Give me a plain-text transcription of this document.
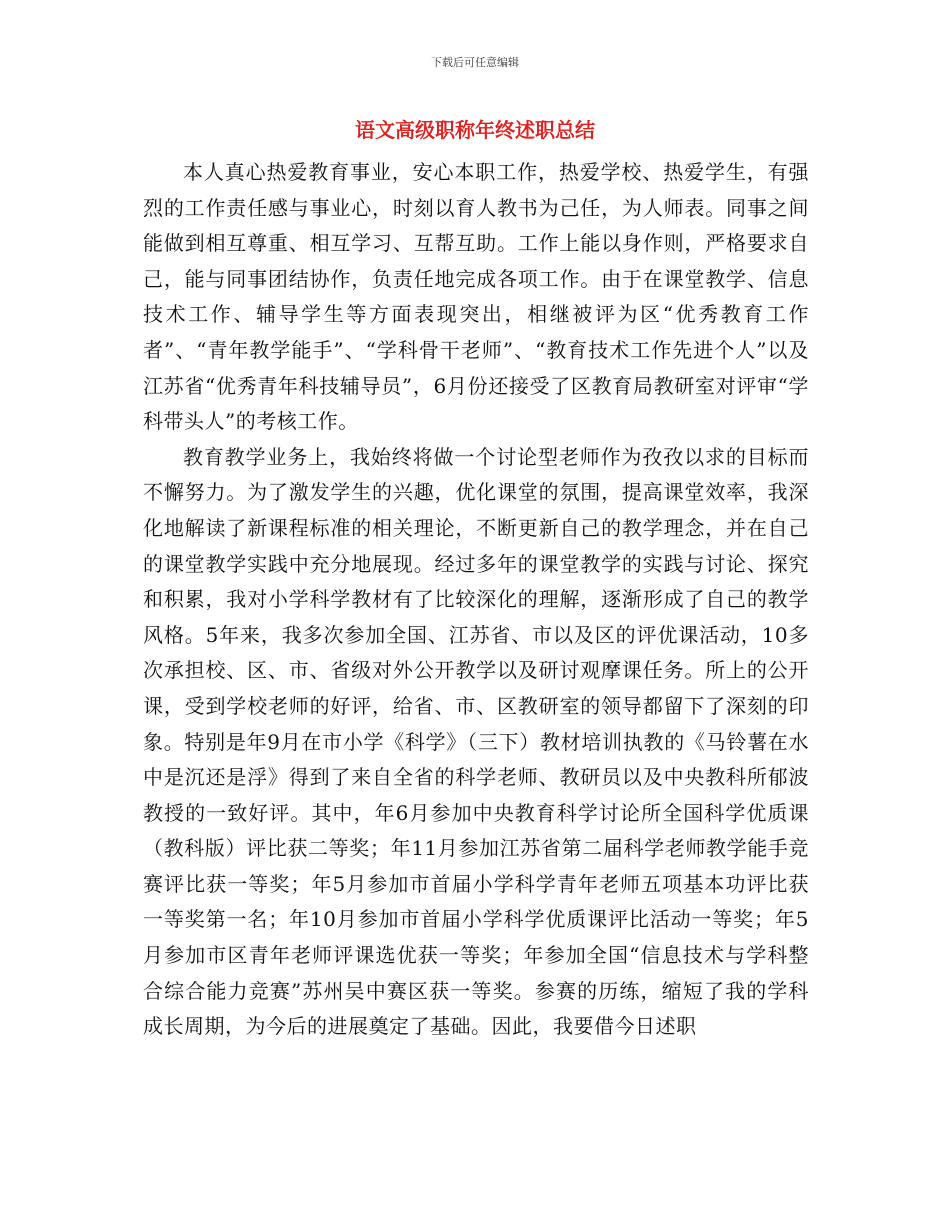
下载后可任意编辑
语文高级职称年终述职总结

本人真心热爱教育事业，安心本职工作，热爱学校、热爱学生，有强烈的工作责任感与事业心，时刻以育人教书为己任，为人师表。同事之间能做到相互尊重、相互学习、互帮互助。工作上能以身作则，严格要求自己，能与同事团结协作，负责任地完成各项工作。由于在课堂教学、信息技术工作、辅导学生等方面表现突出，相继被评为区“优秀教育工作者”、“青年教学能手”、“学科骨干老师”、“教育技术工作先进个人”以及江苏省“优秀青年科技辅导员”，6月份还接受了区教育局教研室对评审“学科带头人”的考核工作。

教育教学业务上，我始终将做一个讨论型老师作为孜孜以求的目标而不懈努力。为了激发学生的兴趣，优化课堂的氛围，提高课堂效率，我深化地解读了新课程标准的相关理论，不断更新自己的教学理念，并在自己的课堂教学实践中充分地展现。经过多年的课堂教学的实践与讨论、探究和积累，我对小学科学教材有了比较深化的理解，逐渐形成了自己的教学风格。5年来，我多次参加全国、江苏省、市以及区的评优课活动，10多次承担校、区、市、省级对外公开教学以及研讨观摩课任务。所上的公开课，受到学校老师的好评，给省、市、区教研室的领导都留下了深刻的印象。特别是年9月在市小学《科学》（三下）教材培训执教的《马铃薯在水中是沉还是浮》得到了来自全省的科学老师、教研员以及中央教科所郁波教授的一致好评。其中，年6月参加中央教育科学讨论所全国科学优质课（教科版）评比获二等奖；年11月参加江苏省第二届科学老师教学能手竞赛评比获一等奖；年5月参加市首届小学科学青年老师五项基本功评比获一等奖第一名；年10月参加市首届小学科学优质课评比活动一等奖；年5月参加市区青年老师评课选优获一等奖；年参加全国“信息技术与学科整合综合能力竞赛”苏州吴中赛区获一等奖。参赛的历练，缩短了我的学科成长周期，为今后的进展奠定了基础。因此，我要借今日述职
